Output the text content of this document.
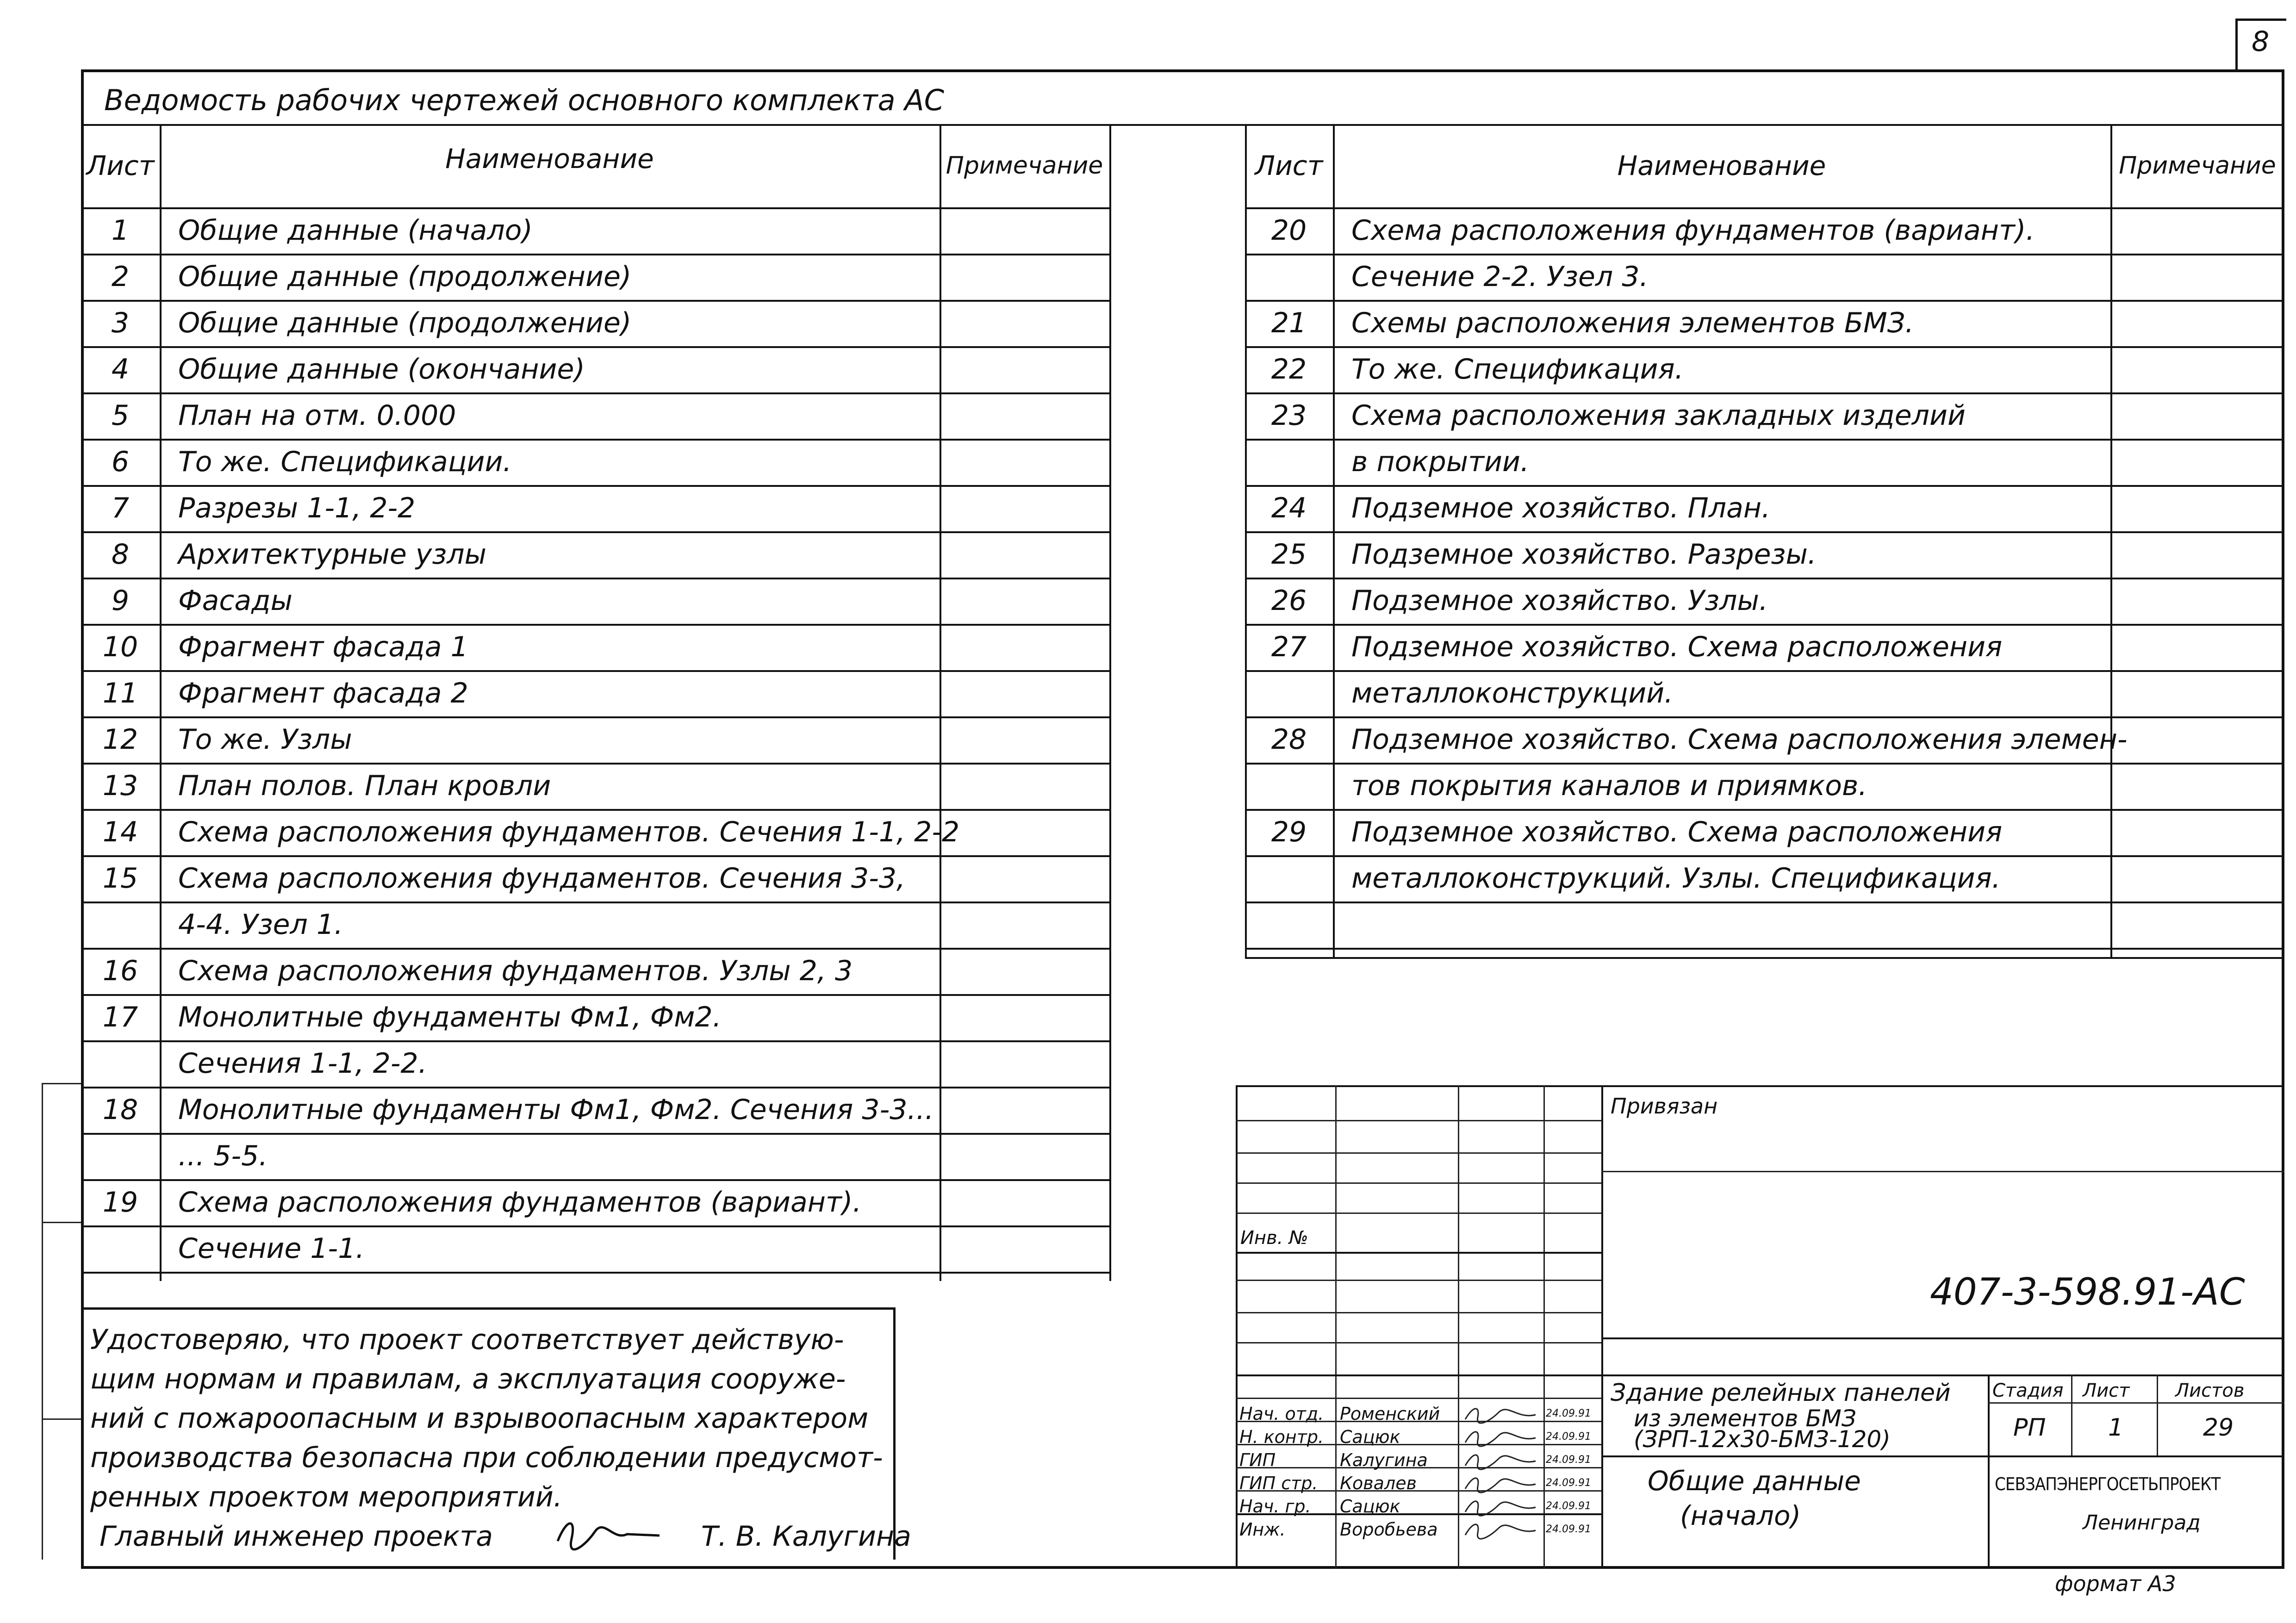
8
Ведомость рабочих чертежей основного комплекта АС
Лист	Наименование	Примечание
1	Общие данные (начало)
2	Общие данные (продолжение)
3	Общие данные (продолжение)
4	Общие данные (окончание)
5	План на отм. 0.000
6	То же. Спецификации.
7	Разрезы 1-1, 2-2
8	Архитектурные узлы
9	Фасады
10	Фрагмент фасада 1
11	Фрагмент фасада 2
12	То же. Узлы
13	План полов. План кровли
14	Схема расположения фундаментов. Сечения 1-1, 2-2
15	Схема расположения фундаментов. Сечения 3-3,
4-4. Узел 1.
16	Схема расположения фундаментов. Узлы 2, 3
17	Монолитные фундаменты Фм1, Фм2.
Сечения 1-1, 2-2.
18	Монолитные фундаменты Фм1, Фм2. Сечения 3-3...
... 5-5.
19	Схема расположения фундаментов (вариант).
Сечение 1-1.
Лист	Наименование	Примечание
20	Схема расположения фундаментов (вариант).
Сечение 2-2. Узел 3.
21	Схемы расположения элементов БМЗ.
22	То же. Спецификация.
23	Схема расположения закладных изделий
в покрытии.
24	Подземное хозяйство. План.
25	Подземное хозяйство. Разрезы.
26	Подземное хозяйство. Узлы.
27	Подземное хозяйство. Схема расположения
металлоконструкций.
28	Подземное хозяйство. Схема расположения элемен-
тов покрытия каналов и приямков.
29	Подземное хозяйство. Схема расположения
металлоконструкций. Узлы. Спецификация.
Удостоверяю, что проект соответствует действую-
щим нормам и правилам, а эксплуатация сооруже-
ний с пожароопасным и взрывоопасным характером
производства безопасна при соблюдении предусмот-
ренных проектом мероприятий.
Главный инженер проекта	Т. В. Калугина
Инв. №
Привязан
407-3-598.91-АС
Здание релейных панелей
из элементов БМЗ
(ЗРП-12х30-БМЗ-120)
Общие данные
(начало)
Стадия Лист Листов
РП	1	29
СЕВЗАПЭНЕРГОСЕТЬПРОЕКТ
Ленинград
Нач. отд. Роменский	24.09.91
Н. контр. Сацюк	24.09.91
ГИП	Калугина	24.09.91
ГИП стр. Ковалев	24.09.91
Нач. гр. Сацюк	24.09.91
Инж.	Воробьева	24.09.91
формат А3
